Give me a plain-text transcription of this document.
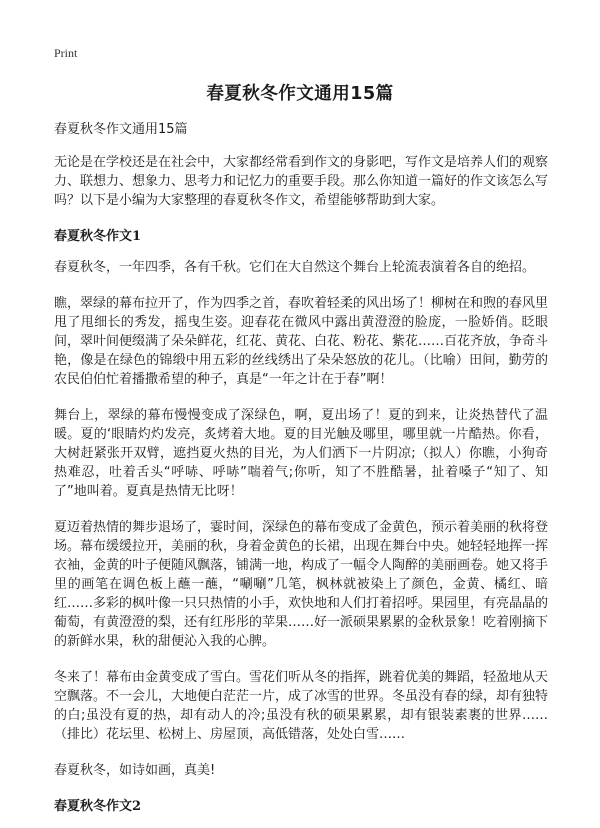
Print
春夏秋冬作文通用15篇

春夏秋冬作文通用15篇

无论是在学校还是在社会中，大家都经常看到作文的身影吧，写作文是培养人们的观察力、联想力、想象力、思考力和记忆力的重要手段。那么你知道一篇好的作文该怎么写吗？以下是小编为大家整理的春夏秋冬作文，希望能够帮助到大家。

春夏秋冬作文1

春夏秋冬，一年四季，各有千秋。它们在大自然这个舞台上轮流表演着各自的绝招。

瞧，翠绿的幕布拉开了，作为四季之首，春吹着轻柔的风出场了！柳树在和煦的春风里甩了甩细长的秀发，摇曳生姿。迎春花在微风中露出黄澄澄的脸庞，一脸娇俏。眨眼间，翠叶间便缀满了朵朵鲜花，红花、黄花、白花、粉花、紫花……百花齐放，争奇斗艳，像是在绿色的锦缎中用五彩的丝线绣出了朵朵怒放的花儿。（比喻）田间，勤劳的农民伯伯忙着播撒希望的种子，真是“一年之计在于春”啊！

舞台上，翠绿的幕布慢慢变成了深绿色，啊，夏出场了！夏的到来，让炎热替代了温暖。夏的‘眼睛灼灼发亮，炙烤着大地。夏的目光触及哪里，哪里就一片酷热。你看，大树赶紧张开双臂，遮挡夏火热的目光，为人们洒下一片阴凉;（拟人）你瞧，小狗奇热难忍，吐着舌头“呼哧、呼哧”喘着气;你听，知了不胜酷暑，扯着嗓子“知了、知了”地叫着。夏真是热情无比呀！

夏迈着热情的舞步退场了，霎时间，深绿色的幕布变成了金黄色，预示着美丽的秋将登场。幕布缓缓拉开，美丽的秋，身着金黄色的长裙，出现在舞台中央。她轻轻地挥一挥衣袖，金黄的叶子便随风飘落，铺满一地，构成了一幅令人陶醉的美丽画卷。她又将手里的画笔在调色板上蘸一蘸，“唰唰”几笔，枫林就被染上了颜色，金黄、橘红、暗红……多彩的枫叶像一只只热情的小手，欢快地和人们打着招呼。果园里，有亮晶晶的葡萄，有黄澄澄的梨，还有红彤彤的苹果……好一派硕果累累的金秋景象！吃着刚摘下的新鲜水果，秋的甜便沁入我的心脾。

冬来了！幕布由金黄变成了雪白。雪花们听从冬的指挥，跳着优美的舞蹈，轻盈地从天空飘落。不一会儿，大地便白茫茫一片，成了冰雪的世界。冬虽没有春的绿，却有独特的白;虽没有夏的热，却有动人的冷;虽没有秋的硕果累累，却有银装素裹的世界……（排比）花坛里、松树上、房屋顶，高低错落，处处白雪……

春夏秋冬，如诗如画，真美!

春夏秋冬作文2
